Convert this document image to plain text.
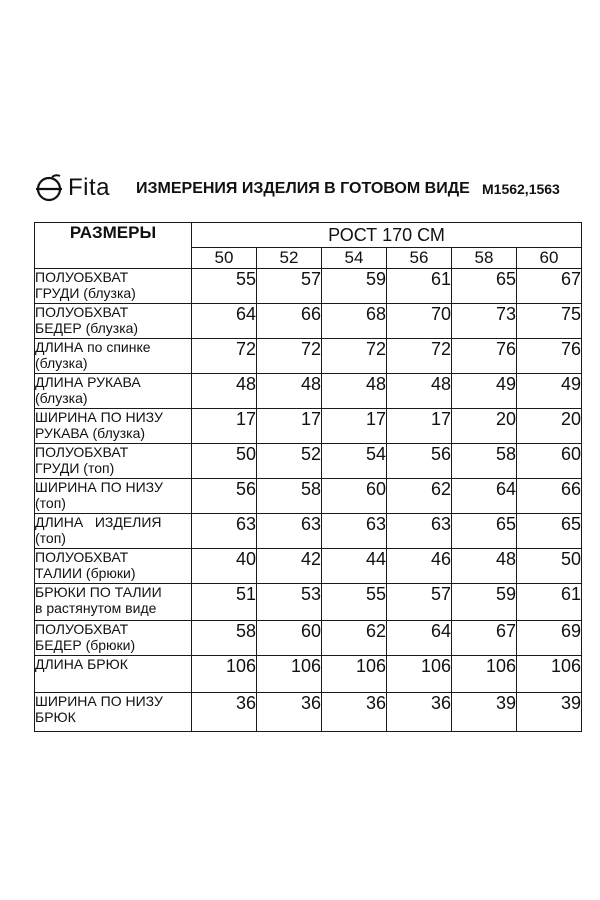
Fita ИЗМЕРЕНИЯ ИЗДЕЛИЯ В ГОТОВОМ ВИДЕ М1562,1563
РАЗМЕРЫ	РОСТ 170 СМ					
	50	52	54	56	58	60

ПОЛУОБХВАТ
ГРУДИ (блузка)	55	57	59	61	65	67

ПОЛУОБХВАТ
БЕДЕР (блузка)	64	66	68	70	73	75

ДЛИНА по спинке
(блузка)	72	72	72	72	76	76

ДЛИНА РУКАВА
(блузка)	48	48	48	48	49	49

ШИРИНА ПО НИЗУ
РУКАВА (блузка)	17	17	17	17	20	20

ПОЛУОБХВАТ
ГРУДИ (топ)	50	52	54	56	58	60

ШИРИНА ПО НИЗУ
(топ)	56	58	60	62	64	66

ДЛИНА   ИЗДЕЛИЯ
(топ)	63	63	63	63	65	65

ПОЛУОБХВАТ
ТАЛИИ (брюки)	40	42	44	46	48	50

БРЮКИ ПО ТАЛИИ
в растянутом виде	51	53	55	57	59	61

ПОЛУОБХВАТ
БЕДЕР (брюки)	58	60	62	64	67	69

ДЛИНА БРЮК	106	106	106	106	106	106

ШИРИНА ПО НИЗУ
БРЮК	36	36	36	36	39	39
